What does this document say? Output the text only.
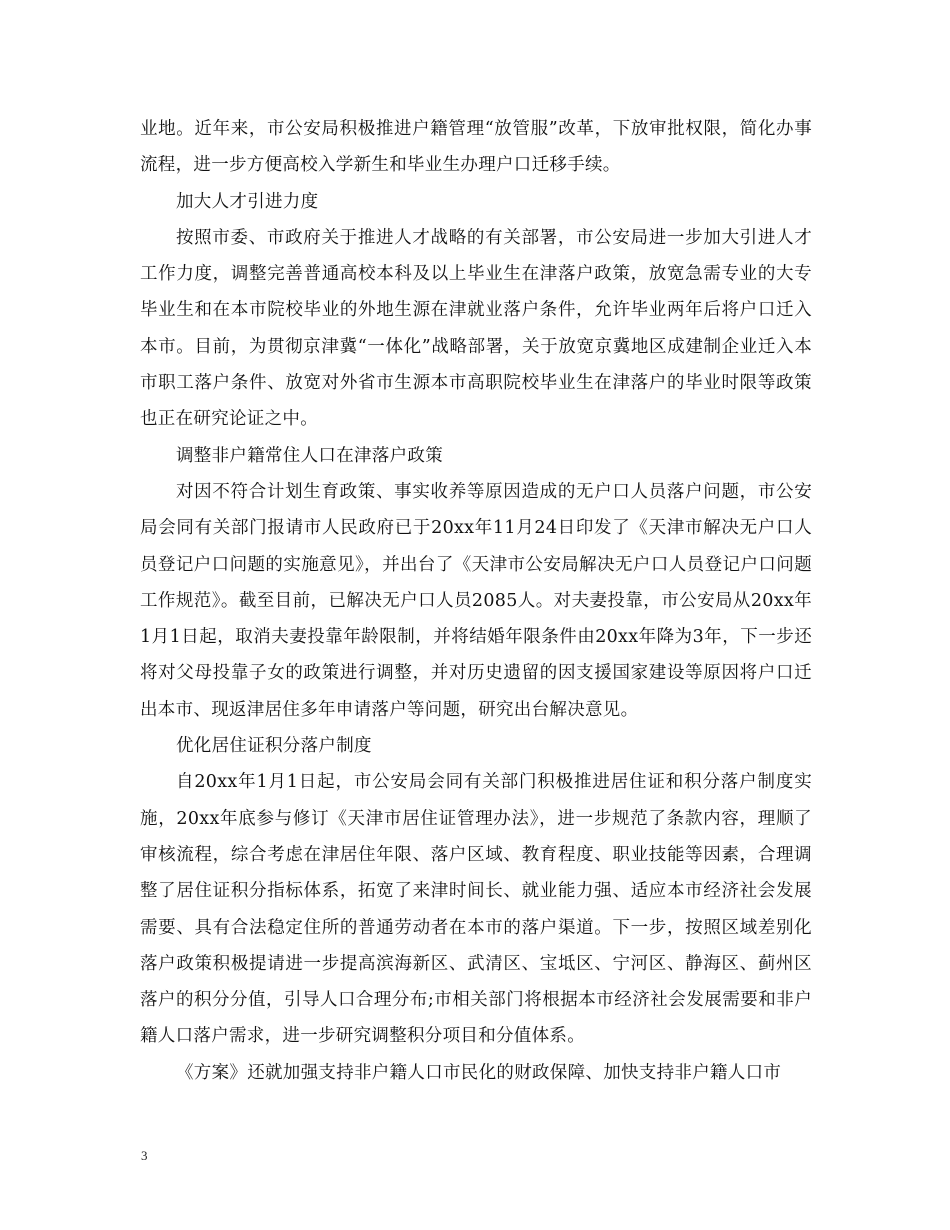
业地。近年来，市公安局积极推进户籍管理“放管服”改革，下放审批权限，简化办事流程，进一步方便高校入学新生和毕业生办理户口迁移手续。

加大人才引进力度

按照市委、市政府关于推进人才战略的有关部署，市公安局进一步加大引进人才工作力度，调整完善普通高校本科及以上毕业生在津落户政策，放宽急需专业的大专毕业生和在本市院校毕业的外地生源在津就业落户条件，允许毕业两年后将户口迁入本市。目前，为贯彻京津冀“一体化”战略部署，关于放宽京冀地区成建制企业迁入本市职工落户条件、放宽对外省市生源本市高职院校毕业生在津落户的毕业时限等政策也正在研究论证之中。

调整非户籍常住人口在津落户政策

对因不符合计划生育政策、事实收养等原因造成的无户口人员落户问题，市公安局会同有关部门报请市人民政府已于20xx年11月24日印发了《天津市解决无户口人员登记户口问题的实施意见》，并出台了《天津市公安局解决无户口人员登记户口问题工作规范》。截至目前，已解决无户口人员2085人。对夫妻投靠，市公安局从20xx年1月1日起，取消夫妻投靠年龄限制，并将结婚年限条件由20xx年降为3年，下一步还将对父母投靠子女的政策进行调整，并对历史遗留的因支援国家建设等原因将户口迁出本市、现返津居住多年申请落户等问题，研究出台解决意见。

优化居住证积分落户制度

自20xx年1月1日起，市公安局会同有关部门积极推进居住证和积分落户制度实施，20xx年底参与修订《天津市居住证管理办法》，进一步规范了条款内容，理顺了审核流程，综合考虑在津居住年限、落户区域、教育程度、职业技能等因素，合理调整了居住证积分指标体系，拓宽了来津时间长、就业能力强、适应本市经济社会发展需要、具有合法稳定住所的普通劳动者在本市的落户渠道。下一步，按照区域差别化落户政策积极提请进一步提高滨海新区、武清区、宝坻区、宁河区、静海区、蓟州区落户的积分分值，引导人口合理分布;市相关部门将根据本市经济社会发展需要和非户籍人口落户需求，进一步研究调整积分项目和分值体系。

《方案》还就加强支持非户籍人口市民化的财政保障、加快支持非户籍人口市

3
